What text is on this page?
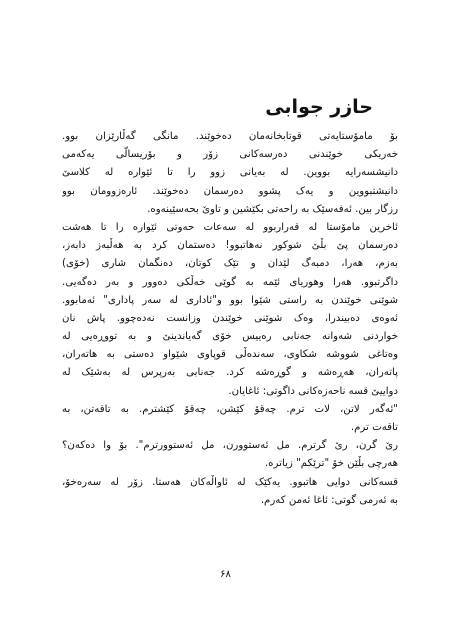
حازر جوابی
بۆ مامۆستایەتی قوتابخانەمان دەخوێند. مانگی گەڵارێزان بوو.
خەریکی خوێندنی دەرسەکانی زۆر و بۆریسالّی یەکەمی
دانیشسەرایە بووین. لە بەیانی زوو را تا ئێوارە لە کلاسێ
دانیشتبووین و یەک پشوو دەرسمان دەخوێند. ئارەزوومان بوو
رزگار بین. ئەفەسێک بە راحەتی بکێشین و تاوێ بحەسێینەوە.
ئاخرین مامۆستا لە قەراربوو لە سەعات حەوتی ئێوارە را تا هەشت
دەرسمان پێ بڵێ شوکور نەهاتبوو! دەستمان کرد بە هەڵبەز دابەز،
بەزم، هەرا، دمبەگ لێدان و تێک کوتان، دەنگمان شاری (خۆی)
داگرتبوو. هەرا وهوریای ئێمە بە گوێی خەڵکی دەوور و بەر دەگەیی.
شوێنی خوێندن بە راستی شێوا بوو و"ئاداری لە سەر پاداری" ئەمابوو.
ئەوەی دەبیندرا، وەک شوێنی خوێندن وزانست نەدەچوو. پاش نان
خواردنی شەوانە جەنابی رەییس خۆی گەیاندینێ و بە تووڕەیی لە
وەتاغی شووشە شکاوی، سەندەڵی قوپاوی شێواو دەستی بە هاتەران،
پاتەران، هەڕەشە و گوڕەشە کرد. جەنابی بەرپرس لە بەشێک لە
دواییێ قسە ناحەزەکانی داگوتی: ئاغایان.
"ئەگەر لاتن، لات ترم. چەقۆ کێشن، چەقۆ کێشترم. بە تاقەتن، بە
تاقەت ترم.
رێ گرن، رێ گرترم. مل ئەستوورن، مل ئەستوورترم". بۆ وا دەکەن؟
هەرچی بڵێن خۆ "ترێکم" زیاترە.
قسەکانی دوایی هاتبوو. یەکێک لە ئاواڵەکان هەستا. زۆر لە سەرەخۆ،
بە ئەرمی گوتی: ئاغا ئەمن کەرم.
۶۸
